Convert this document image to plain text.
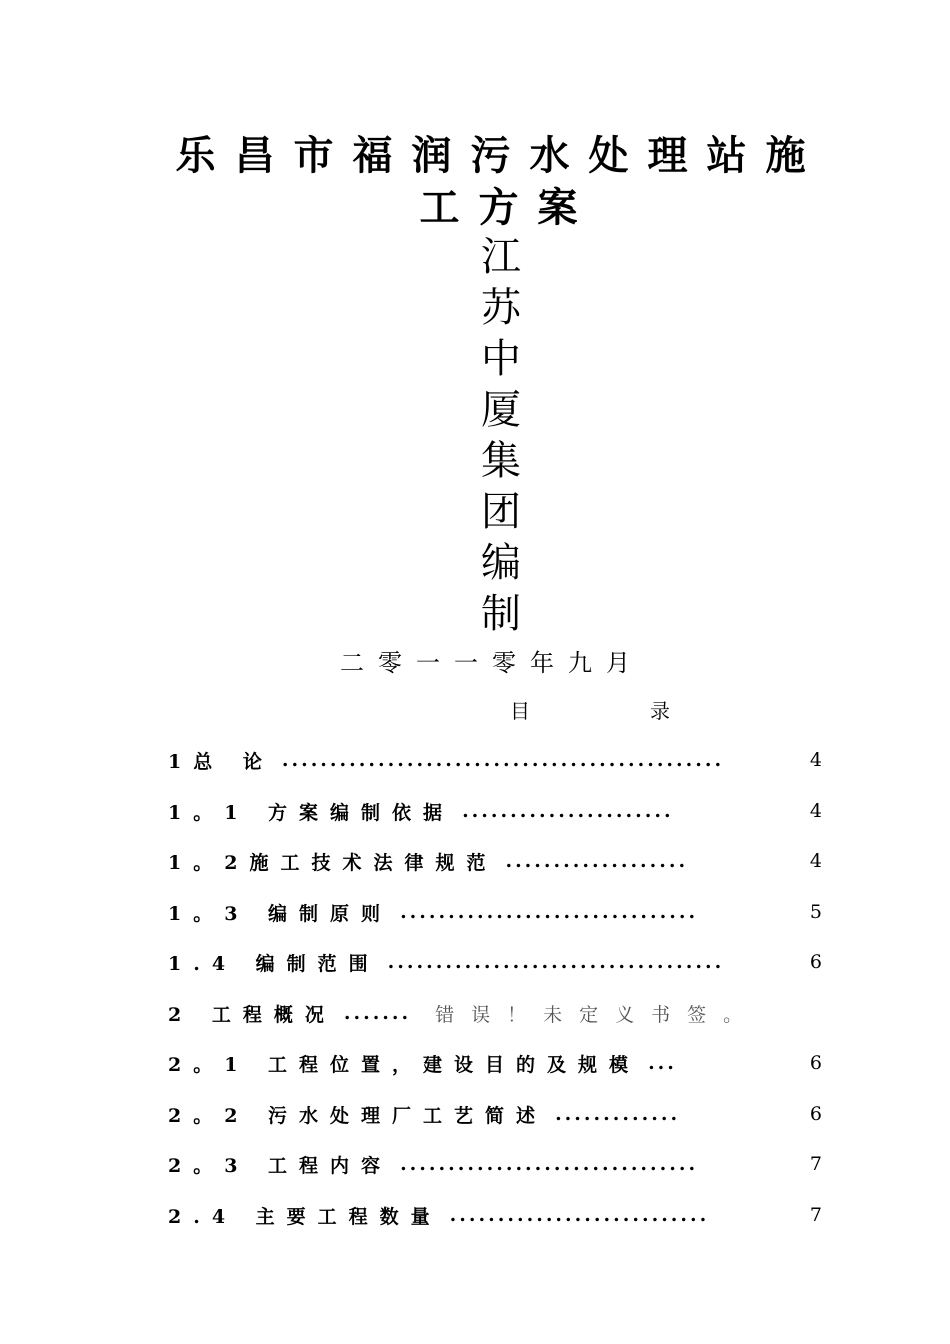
乐昌市福润污水处理站施
工方案
江苏中厦集团编制
二零一一零年九月
目	录
1总 论 ..............................................	4
1。1 方案编制依据 ......................	4
1。2施工技术法律规范 ...................	4
1。3 编制原则 ...............................	5
1.4 编制范围 ...................................	6
2 工程概况 ....... 错误！未定义书签。
2。1 工程位置，建设目的及规模 ...	6
2。2 污水处理厂工艺简述 .............	6
2。3 工程内容 ...............................	7
2.4 主要工程数量 ...........................	7
